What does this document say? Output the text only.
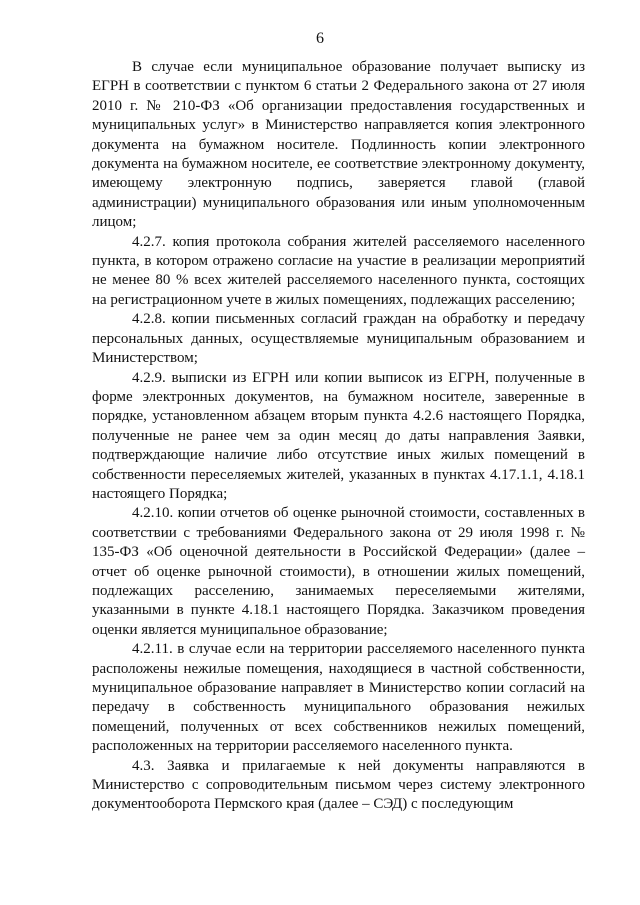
6

В случае если муниципальное образование получает выписку из ЕГРН в соответствии с пунктом 6 статьи 2 Федерального закона от 27 июля 2010 г. № 210-ФЗ «Об организации предоставления государственных и муниципальных услуг» в Министерство направляется копия электронного документа на бумажном носителе. Подлинность копии электронного документа на бумажном носителе, ее соответствие электронному документу, имеющему электронную подпись, заверяется главой (главой администрации) муниципального образования или иным уполномоченным лицом;

4.2.7. копия протокола собрания жителей расселяемого населенного пункта, в котором отражено согласие на участие в реализации мероприятий не менее 80 % всех жителей расселяемого населенного пункта, состоящих на регистрационном учете в жилых помещениях, подлежащих расселению;

4.2.8. копии письменных согласий граждан на обработку и передачу персональных данных, осуществляемые муниципальным образованием и Министерством;

4.2.9. выписки из ЕГРН или копии выписок из ЕГРН, полученные в форме электронных документов, на бумажном носителе, заверенные в порядке, установленном абзацем вторым пункта 4.2.6 настоящего Порядка, полученные не ранее чем за один месяц до даты направления Заявки, подтверждающие наличие либо отсутствие иных жилых помещений в собственности переселяемых жителей, указанных в пунктах 4.17.1.1, 4.18.1 настоящего Порядка;

4.2.10. копии отчетов об оценке рыночной стоимости, составленных в соответствии с требованиями Федерального закона от 29 июля 1998 г. № 135-ФЗ «Об оценочной деятельности в Российской Федерации» (далее – отчет об оценке рыночной стоимости), в отношении жилых помещений, подлежащих расселению, занимаемых переселяемыми жителями, указанными в пункте 4.18.1 настоящего Порядка. Заказчиком проведения оценки является муниципальное образование;

4.2.11. в случае если на территории расселяемого населенного пункта расположены нежилые помещения, находящиеся в частной собственности, муниципальное образование направляет в Министерство копии согласий на передачу в собственность муниципального образования нежилых помещений, полученных от всех собственников нежилых помещений, расположенных на территории расселяемого населенного пункта.

4.3. Заявка и прилагаемые к ней документы направляются в Министерство с сопроводительным письмом через систему электронного документооборота Пермского края (далее – СЭД) с последующим
